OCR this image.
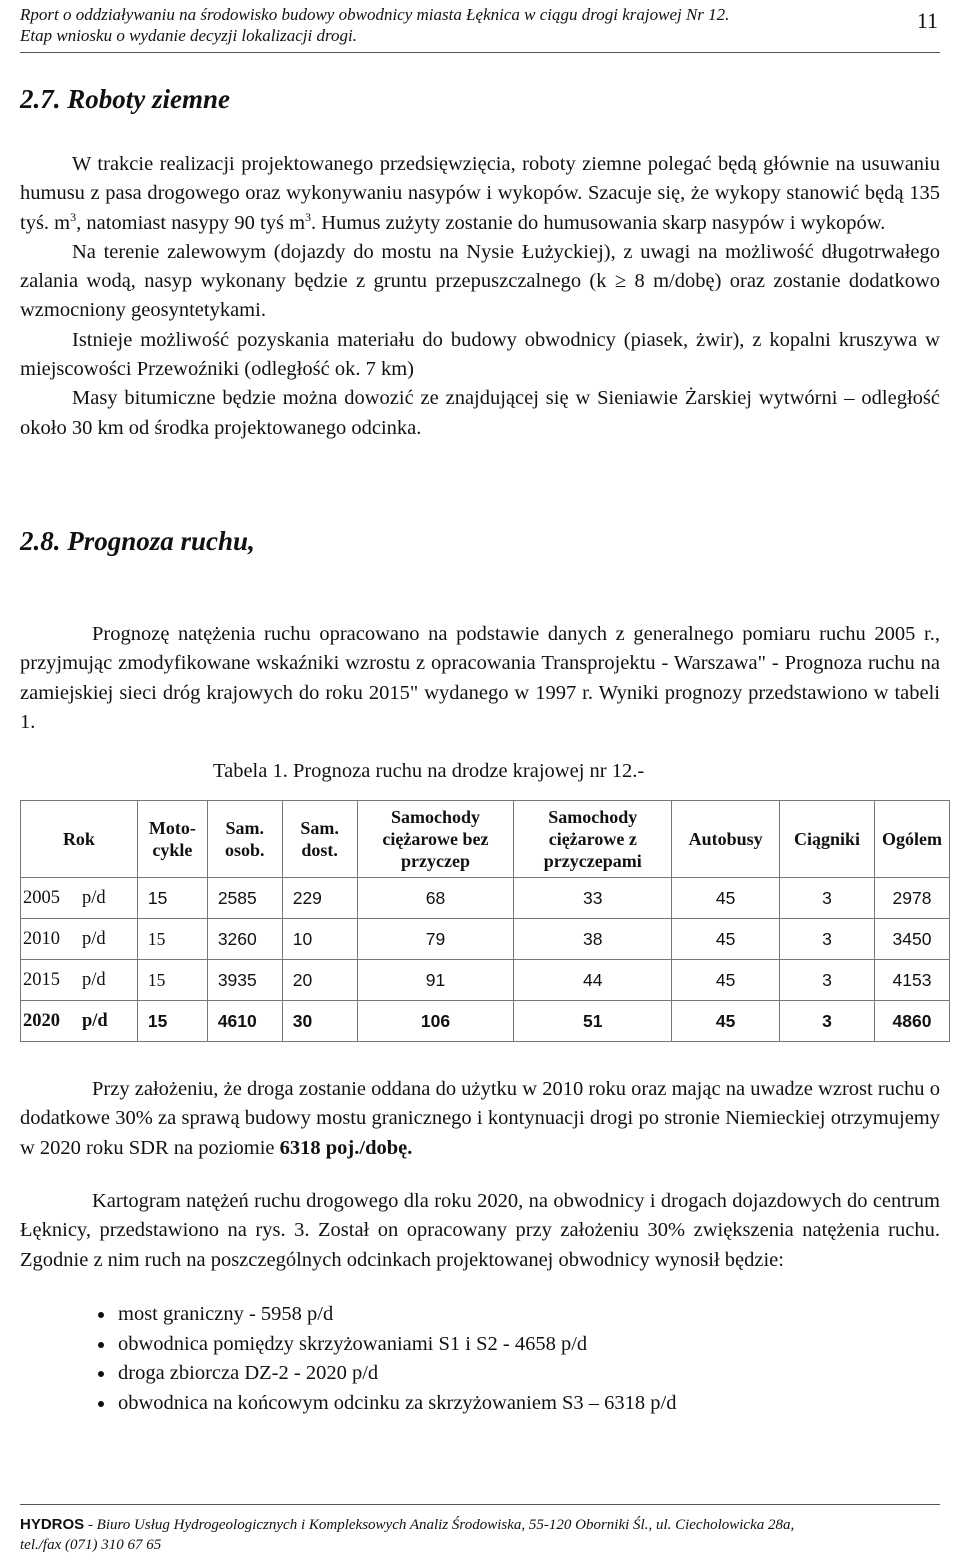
Rport o oddziaływaniu na środowisko budowy obwodnicy miasta Łęknica w ciągu drogi krajowej Nr 12.
Etap wniosku o wydanie decyzji lokalizacji drogi.
11
2.7. Roboty ziemne

W trakcie realizacji projektowanego przedsięwzięcia, roboty ziemne polegać będą głównie na usuwaniu humusu z pasa drogowego oraz wykonywaniu nasypów i wykopów. Szacuje się, że wykopy stanowić będą 135 tyś. $m^3$, natomiast nasypy 90 tyś $m^3$. Humus zużyty zostanie do humusowania skarp nasypów i wykopów.

Na terenie zalewowym (dojazdy do mostu na Nysie Łużyckiej), z uwagi na możliwość długotrwałego zalania wodą, nasyp wykonany będzie z gruntu przepuszczalnego (k ≥ 8 m/dobę) oraz zostanie dodatkowo wzmocniony geosyntetykami.

Istnieje możliwość pozyskania materiału do budowy obwodnicy (piasek, żwir), z kopalni kruszywa w miejscowości Przewoźniki (odległość ok. 7 km)

Masy bitumiczne będzie można dowozić ze znajdującej się w Sieniawie Żarskiej wytwórni – odległość około 30 km od środka projektowanego odcinka.

2.8. Prognoza ruchu,

Prognozę natężenia ruchu opracowano na podstawie danych z generalnego pomiaru ruchu 2005 r., przyjmując zmodyfikowane wskaźniki wzrostu z opracowania Transprojektu - Warszawa" - Prognoza ruchu na zamiejskiej sieci dróg krajowych do roku 2015" wydanego w 1997 r. Wyniki prognozy przedstawiono w tabeli 1.

Tabela 1. Prognoza ruchu na drodze krajowej nr 12.-
Rok	Moto-cykle	Sam. osob.	Sam. dost.	Samochody ciężarowe bez przyczep	Samochody ciężarowe z przyczepami	Autobusy	Ciągniki	Ogólem
2005 p/d	15	2585	229	68	33	45	3	2978
2010 p/d	15	3260	10	79	38	45	3	3450
2015 p/d	15	3935	20	91	44	45	3	4153
2020 p/d	15	4610	30	106	51	45	3	4860

Przy założeniu, że droga zostanie oddana do użytku w 2010 roku oraz mając na uwadze wzrost ruchu o dodatkowe 30% za sprawą budowy mostu granicznego i kontynuacji drogi po stronie Niemieckiej otrzymujemy w 2020 roku SDR na poziomie 6318 poj./dobę.

Kartogram natężeń ruchu drogowego dla roku 2020, na obwodnicy i drogach dojazdowych do centrum Łęknicy, przedstawiono na rys. 3. Został on opracowany przy założeniu 30% zwiększenia natężenia ruchu. Zgodnie z nim ruch na poszczególnych odcinkach projektowanej obwodnicy wynosił będzie:

• most graniczny - 5958 p/d
• obwodnica pomiędzy skrzyżowaniami S1 i S2 - 4658 p/d
• droga zbiorcza DZ-2 - 2020 p/d
• obwodnica na końcowym odcinku za skrzyżowaniem S3 – 6318 p/d
HYDROS - Biuro Usług Hydrogeologicznych i Kompleksowych Analiz Środowiska, 55-120 Oborniki Śl., ul. Ciecholowicka 28a,
tel./fax (071) 310 67 65
